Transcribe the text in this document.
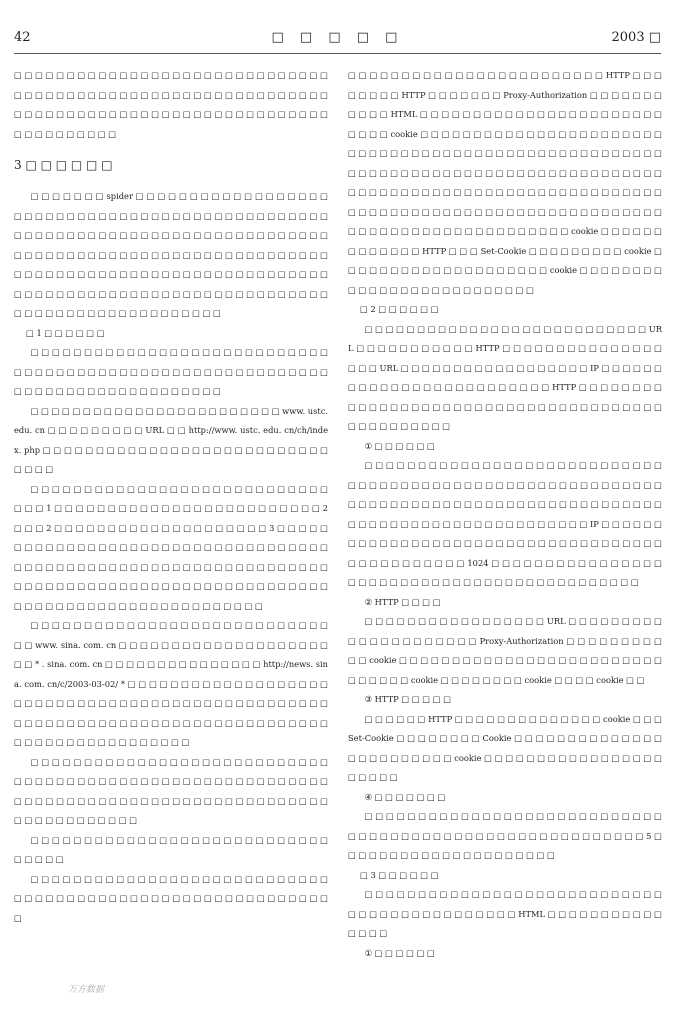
42	□ □ □ □ □	2003 □

□ □ □ □ □ □ □ □ □ □ □ □ □ □ □ □ □ □ □ □ □ □ □ □ □ □ □ □ □ □ □ □ □ □ □ □ □ □ □ □ □ □ □ □ □ □ □ □ □ □ □ □ □ □ □ □ □ □ □ □ □ □ □ □ □ □ □ □ □ □ □ □ □ □ □ □ □ □ □ □ □ □ □ □ □ □ □ □ □ □ □ □ □ □ □ □ □ □ □ □

3 □ □ □ □ □ □

□ □ □ □ □ □ □ spider □ □ □ □ □ □ □ □ □ □ □ □ □ □ □ □ □ □ □ □ □ □ □ □ □ □ □ □ □ □ □ □ □ □ □ □ □ □ □ □ □ □ □ □ □ □ □ □ □ □ □ □ □ □ □ □ □ □ □ □ □ □ □ □ □ □ □ □ □ □ □ □ □ □ □ □ □ □ □ □ □ □ □ □ □ □ □ □ □ □ □ □ □ □ □ □ □ □ □ □ □ □ □ □ □ □ □ □ □ □ □ □ □ □ □ □ □ □ □ □ □ □ □ □ □ □ □ □ □ □ □ □ □ □ □ □ □ □ □ □ □ □ □ □ □ □ □ □ □ □ □ □ □ □ □ □ □ □ □ □ □ □ □ □ □ □ □ □ □ □ □ □ □ □ □ □ □ □ □ □ □ □ □ □ □ □ □ □

□ 1 □ □ □ □ □ □

□ □ □ □ □ □ □ □ □ □ □ □ □ □ □ □ □ □ □ □ □ □ □ □ □ □ □ □ □ □ □ □ □ □ □ □ □ □ □ □ □ □ □ □ □ □ □ □ □ □ □ □ □ □ □ □ □ □ □ □ □ □ □ □ □ □ □ □ □ □ □ □ □ □ □ □ □ □

□ □ □ □ □ □ □ □ □ □ □ □ □ □ □ □ □ □ □ □ □ □ □ □ www. ustc. edu. cn □ □ □ □ □ □ □ □ □ URL □ □ http://www. ustc. edu. cn/ch/index. php □ □ □ □ □ □ □ □ □ □ □ □ □ □ □ □ □ □ □ □ □ □ □ □ □ □ □ □ □ □ □

□ □ □ □ □ □ □ □ □ □ □ □ □ □ □ □ □ □ □ □ □ □ □ □ □ □ □ □ □ □ □ 1 □ □ □ □ □ □ □ □ □ □ □ □ □ □ □ □ □ □ □ □ □ □ □ □ □ 2 □ □ □ 2 □ □ □ □ □ □ □ □ □ □ □ □ □ □ □ □ □ □ □ □ 3 □ □ □ □ □ □ □ □ □ □ □ □ □ □ □ □ □ □ □ □ □ □ □ □ □ □ □ □ □ □ □ □ □ □ □ □ □ □ □ □ □ □ □ □ □ □ □ □ □ □ □ □ □ □ □ □ □ □ □ □ □ □ □ □ □ □ □ □ □ □ □ □ □ □ □ □ □ □ □ □ □ □ □ □ □ □ □ □ □ □ □ □ □ □ □ □ □ □ □ □ □ □ □ □ □ □ □ □ □ □ □ □ □ □ □ □ □ □ □

□ □ □ □ □ □ □ □ □ □ □ □ □ □ □ □ □ □ □ □ □ □ □ □ □ □ □ □ □ □ www. sina. com. cn □ □ □ □ □ □ □ □ □ □ □ □ □ □ □ □ □ □ □ □ □ □ * . sina. com. cn □ □ □ □ □ □ □ □ □ □ □ □ □ □ □ http://news. sina. com. cn/c/2003-03-02/ * □ □ □ □ □ □ □ □ □ □ □ □ □ □ □ □ □ □ □ □ □ □ □ □ □ □ □ □ □ □ □ □ □ □ □ □ □ □ □ □ □ □ □ □ □ □ □ □ □ □ □ □ □ □ □ □ □ □ □ □ □ □ □ □ □ □ □ □ □ □ □ □ □ □ □ □ □ □ □ □ □ □ □ □ □ □ □ □ □ □ □ □ □ □ □ □

□ □ □ □ □ □ □ □ □ □ □ □ □ □ □ □ □ □ □ □ □ □ □ □ □ □ □ □ □ □ □ □ □ □ □ □ □ □ □ □ □ □ □ □ □ □ □ □ □ □ □ □ □ □ □ □ □ □ □ □ □ □ □ □ □ □ □ □ □ □ □ □ □ □ □ □ □ □ □ □ □ □ □ □ □ □ □ □ □ □ □ □ □ □ □ □ □ □ □ □

□ □ □ □ □ □ □ □ □ □ □ □ □ □ □ □ □ □ □ □ □ □ □ □ □ □ □ □ □ □ □ □ □

□ □ □ □ □ □ □ □ □ □ □ □ □ □ □ □ □ □ □ □ □ □ □ □ □ □ □ □ □ □ □ □ □ □ □ □ □ □ □ □ □ □ □ □ □ □ □ □ □ □ □ □ □ □ □ □ □ □ □

□ □ □ □ □ □ □ □ □ □ □ □ □ □ □ □ □ □ □ □ □ □ □ □ HTTP □ □ □ □ □ □ □ □ HTTP □ □ □ □ □ □ □ Proxy-Authorization □ □ □ □ □ □ □ □ □ □ □ HTML □ □ □ □ □ □ □ □ □ □ □ □ □ □ □ □ □ □ □ □ □ □ □ □ □ □ □ cookie □ □ □ □ □ □ □ □ □ □ □ □ □ □ □ □ □ □ □ □ □ □ □ □ □ □ □ □ □ □ □ □ □ □ □ □ □ □ □ □ □ □ □ □ □ □ □ □ □ □ □ □ □ □ □ □ □ □ □ □ □ □ □ □ □ □ □ □ □ □ □ □ □ □ □ □ □ □ □ □ □ □ □ □ □ □ □ □ □ □ □ □ □ □ □ □ □ □ □ □ □ □ □ □ □ □ □ □ □ □ □ □ □ □ □ □ □ □ □ □ □ □ □ □ □ □ □ □ □ □ □ □ □ □ □ □ □ □ □ □ □ □ □ □ □ □ □ □ □ □ □ □ □ □ □ □ □ □ □ □ □ □ □ □ cookie □ □ □ □ □ □ □ □ □ □ □ □ □ HTTP □ □ □ Set-Cookie □ □ □ □ □ □ □ □ □ cookie □ □ □ □ □ □ □ □ □ □ □ □ □ □ □ □ □ □ □ □ cookie □ □ □ □ □ □ □ □ □ □ □ □ □ □ □ □ □ □ □ □ □ □ □ □ □ □

□ 2 □ □ □ □ □ □

□ □ □ □ □ □ □ □ □ □ □ □ □ □ □ □ □ □ □ □ □ □ □ □ □ □ □ URL □ □ □ □ □ □ □ □ □ □ □ HTTP □ □ □ □ □ □ □ □ □ □ □ □ □ □ □ □ □ □ URL □ □ □ □ □ □ □ □ □ □ □ □ □ □ □ □ □ □ IP □ □ □ □ □ □ □ □ □ □ □ □ □ □ □ □ □ □ □ □ □ □ □ □ □ HTTP □ □ □ □ □ □ □ □ □ □ □ □ □ □ □ □ □ □ □ □ □ □ □ □ □ □ □ □ □ □ □ □ □ □ □ □ □ □ □ □ □ □ □ □ □ □ □ □

① □ □ □ □ □ □

□ □ □ □ □ □ □ □ □ □ □ □ □ □ □ □ □ □ □ □ □ □ □ □ □ □ □ □ □ □ □ □ □ □ □ □ □ □ □ □ □ □ □ □ □ □ □ □ □ □ □ □ □ □ □ □ □ □ □ □ □ □ □ □ □ □ □ □ □ □ □ □ □ □ □ □ □ □ □ □ □ □ □ □ □ □ □ □ □ □ □ □ □ □ □ □ □ □ □ □ □ □ □ □ □ □ □ □ □ □ □ IP □ □ □ □ □ □ □ □ □ □ □ □ □ □ □ □ □ □ □ □ □ □ □ □ □ □ □ □ □ □ □ □ □ □ □ □ □ □ □ □ □ □ □ □ □ □ □ 1024 □ □ □ □ □ □ □ □ □ □ □ □ □ □ □ □ □ □ □ □ □ □ □ □ □ □ □ □ □ □ □ □ □ □ □ □ □ □ □ □ □ □ □ □

② HTTP □ □ □ □

□ □ □ □ □ □ □ □ □ □ □ □ □ □ □ □ □ URL □ □ □ □ □ □ □ □ □ □ □ □ □ □ □ □ □ □ □ □ □ Proxy-Authorization □ □ □ □ □ □ □ □ □ □ □ cookie □ □ □ □ □ □ □ □ □ □ □ □ □ □ □ □ □ □ □ □ □ □ □ □ □ □ □ □ □ □ □ cookie □ □ □ □ □ □ □ □ cookie □ □ □ □ cookie □ □

③ HTTP □ □ □ □ □

□ □ □ □ □ □ HTTP □ □ □ □ □ □ □ □ □ □ □ □ □ □ cookie □ □ □ Set-Cookie □ □ □ □ □ □ □ □ Cookie □ □ □ □ □ □ □ □ □ □ □ □ □ □ □ □ □ □ □ □ □ □ □ □ cookie □ □ □ □ □ □ □ □ □ □ □ □ □ □ □ □ □ □ □ □ □ □

④ □ □ □ □ □ □ □

□ □ □ □ □ □ □ □ □ □ □ □ □ □ □ □ □ □ □ □ □ □ □ □ □ □ □ □ □ □ □ □ □ □ □ □ □ □ □ □ □ □ □ □ □ □ □ □ □ □ □ □ □ □ □ □ 5 □ □ □ □ □ □ □ □ □ □ □ □ □ □ □ □ □ □ □ □ □

□ 3 □ □ □ □ □ □

□ □ □ □ □ □ □ □ □ □ □ □ □ □ □ □ □ □ □ □ □ □ □ □ □ □ □ □ □ □ □ □ □ □ □ □ □ □ □ □ □ □ □ □ HTML □ □ □ □ □ □ □ □ □ □ □ □ □ □ □

① □ □ □ □ □ □

万方数据
